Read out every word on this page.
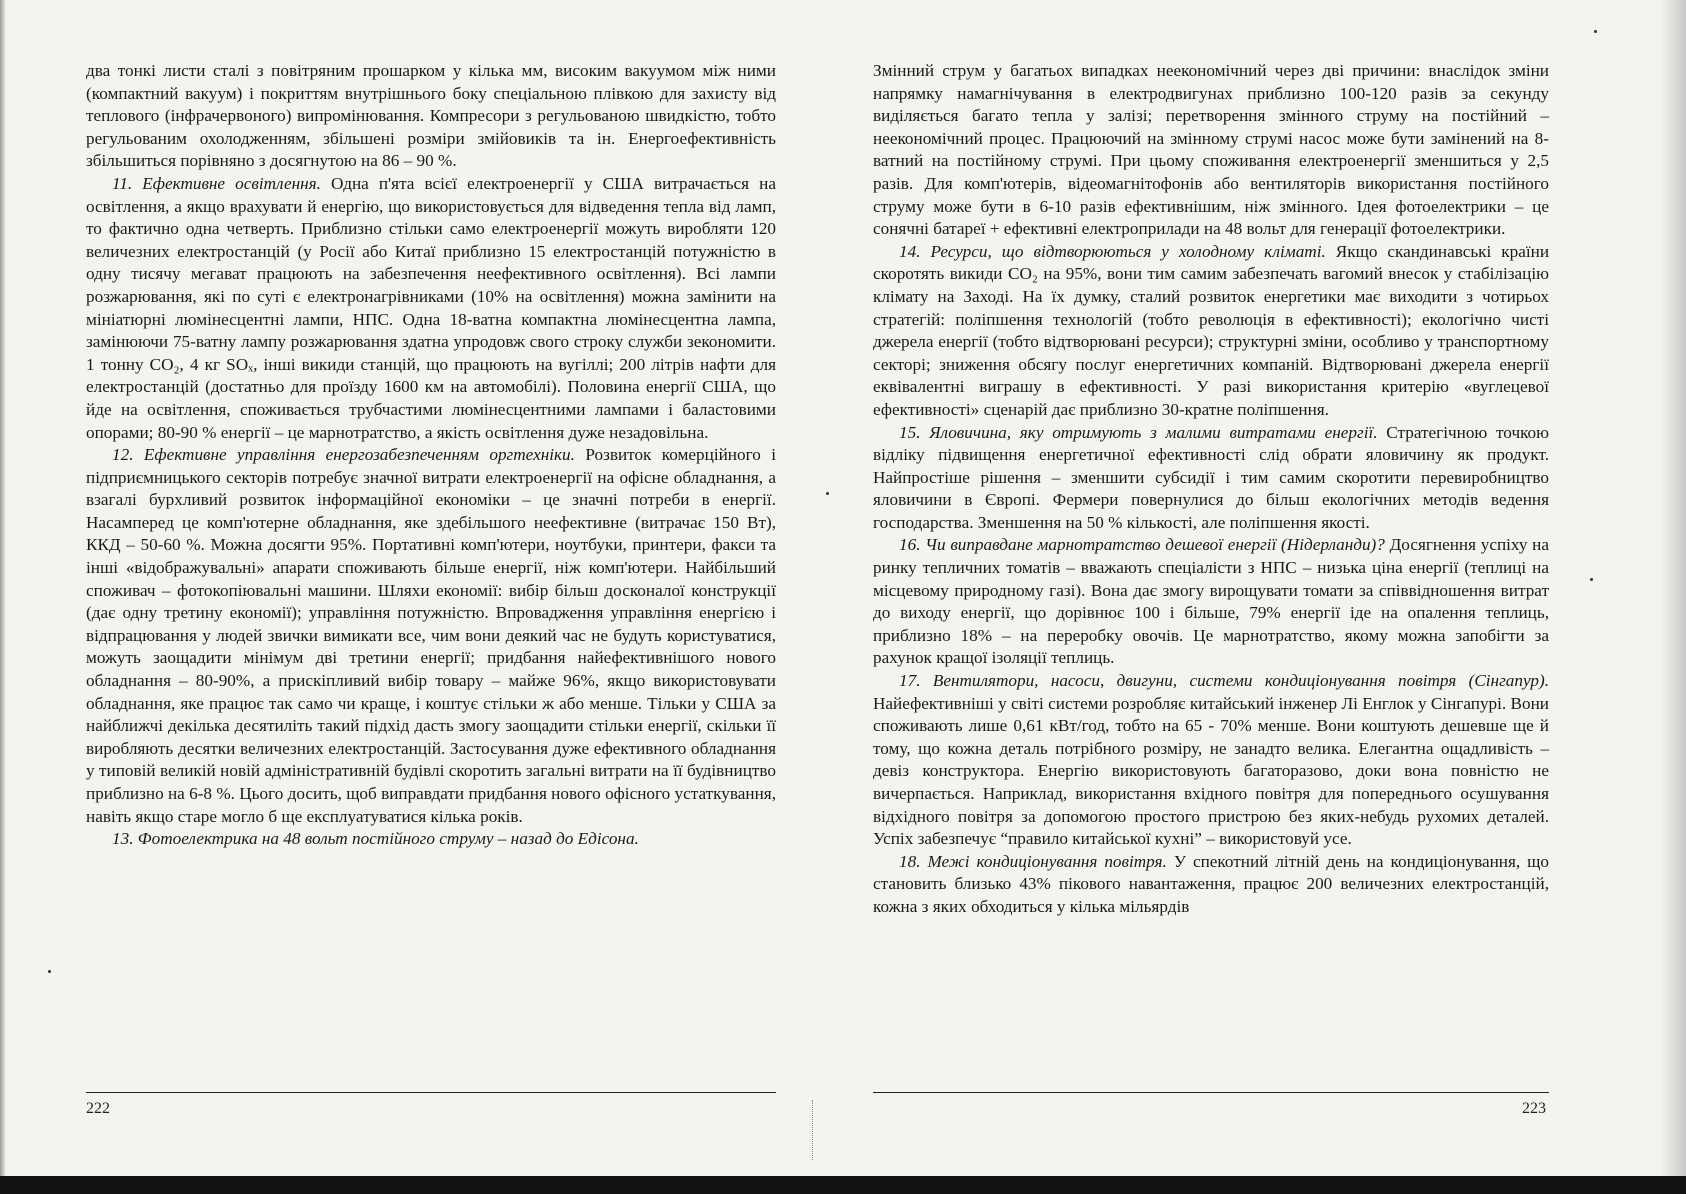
два тонкі листи сталі з повітряним прошарком у кілька мм, високим вакуумом між ними (компактний вакуум) і покриттям внутрішнього боку спеціальною плівкою для захисту від теплового (інфрачервоного) випромінювання. Компресори з регульованою швидкістю, тобто регульованим охолодженням, збільшені розміри змійовиків та ін. Енергоефективність збільшиться порівняно з досягнутою на 86 – 90 %.

11. Ефективне освітлення. Одна п'ята всієї електроенергії у США витрачається на освітлення, а якщо врахувати й енергію, що використовується для відведення тепла від ламп, то фактично одна четверть. Приблизно стільки само електроенергії можуть виробляти 120 величезних електростанцій (у Росії або Китаї приблизно 15 електростанцій потужністю в одну тисячу мегават працюють на забезпечення неефективного освітлення). Всі лампи розжарювання, які по суті є електронагрівниками (10% на освітлення) можна замінити на мініатюрні люмінесцентні лампи, НПС. Одна 18-ватна компактна люмінесцентна лампа, замінюючи 75-ватну лампу розжарювання здатна упродовж свого строку служби зекономити. 1 тонну CO₂, 4 кг SOₓ, інші викиди станцій, що працюють на вугіллі; 200 літрів нафти для електростанцій (достатньо для проїзду 1600 км на автомобілі). Половина енергії США, що йде на освітлення, споживається трубчастими люмінесцентними лампами і баластовими опорами; 80-90 % енергії – це марнотратство, а якість освітлення дуже незадовільна.

12. Ефективне управління енергозабезпеченням оргтехніки. Розвиток комерційного і підприємницького секторів потребує значної витрати електроенергії на офісне обладнання, а взагалі бурхливий розвиток інформаційної економіки – це значні потреби в енергії. Насамперед це комп'ютерне обладнання, яке здебільшого неефективне (витрачає 150 Вт), ККД – 50-60 %. Можна досягти 95%. Портативні комп'ютери, ноутбуки, принтери, факси та інші «відображувальні» апарати споживають більше енергії, ніж комп'ютери. Найбільший споживач – фотокопіювальні машини. Шляхи економії: вибір більш досконалої конструкції (дає одну третину економії); управління потужністю. Впровадження управління енергією і відпрацювання у людей звички вимикати все, чим вони деякий час не будуть користуватися, можуть заощадити мінімум дві третини енергії; придбання найефективнішого нового обладнання – 80-90%, а прискіпливий вибір товару – майже 96%, якщо використовувати обладнання, яке працює так само чи краще, і коштує стільки ж або менше. Тільки у США за найближчі декілька десятиліть такий підхід дасть змогу заощадити стільки енергії, скільки її виробляють десятки величезних електростанцій. Застосування дуже ефективного обладнання у типовій великій новій адміністративній будівлі скоротить загальні витрати на її будівництво приблизно на 6-8 %. Цього досить, щоб виправдати придбання нового офісного устаткування, навіть якщо старе могло б ще експлуатуватися кілька років.

13. Фотоелектрика на 48 вольт постійного струму – назад до Едісона.

222

Змінний струм у багатьох випадках неекономічний через дві причини: внаслідок зміни напрямку намагнічування в електродвигунах приблизно 100-120 разів за секунду виділяється багато тепла у залізі; перетворення змінного струму на постійний – неекономічний процес. Працюючий на змінному струмі насос може бути замінений на 8-ватний на постійному струмі. При цьому споживання електроенергії зменшиться у 2,5 разів. Для комп'ютерів, відеомагнітофонів або вентиляторів використання постійного струму може бути в 6-10 разів ефективнішим, ніж змінного. Ідея фотоелектрики – це сонячні батареї + ефективні електроприлади на 48 вольт для генерації фотоелектрики.

14. Ресурси, що відтворюються у холодному кліматі. Якщо скандинавські країни скоротять викиди CO₂ на 95%, вони тим самим забезпечать вагомий внесок у стабілізацію клімату на Заході. На їх думку, сталий розвиток енергетики має виходити з чотирьох стратегій: поліпшення технологій (тобто революція в ефективності); екологічно чисті джерела енергії (тобто відтворювані ресурси); структурні зміни, особливо у транспортному секторі; зниження обсягу послуг енергетичних компаній. Відтворювані джерела енергії еквівалентні виграшу в ефективності. У разі використання критерію «вуглецевої ефективності» сценарій дає приблизно 30-кратне поліпшення.

15. Яловичина, яку отримують з малими витратами енергії. Стратегічною точкою відліку підвищення енергетичної ефективності слід обрати яловичину як продукт. Найпростіше рішення – зменшити субсидії і тим самим скоротити перевиробництво яловичини в Європі. Фермери повернулися до більш екологічних методів ведення господарства. Зменшення на 50 % кількості, але поліпшення якості.

16. Чи виправдане марнотратство дешевої енергії (Нідерланди)? Досягнення успіху на ринку тепличних томатів – вважають спеціалісти з НПС – низька ціна енергії (теплиці на місцевому природному газі). Вона дає змогу вирощувати томати за співвідношення витрат до виходу енергії, що дорівнює 100 і більше, 79% енергії іде на опалення теплиць, приблизно 18% – на переробку овочів. Це марнотратство, якому можна запобігти за рахунок кращої ізоляції теплиць.

17. Вентилятори, насоси, двигуни, системи кондиціонування повітря (Сінгапур). Найефективніші у світі системи розробляє китайський інженер Лі Енглок у Сінгапурі. Вони споживають лише 0,61 кВт/год, тобто на 65 - 70% менше. Вони коштують дешевше ще й тому, що кожна деталь потрібного розміру, не занадто велика. Елегантна ощадливість – девіз конструктора. Енергію використовують багаторазово, доки вона повністю не вичерпається. Наприклад, використання вхідного повітря для попереднього осушування відхідного повітря за допомогою простого пристрою без яких-небудь рухомих деталей. Успіх забезпечує “правило китайської кухні” – використовуй усе.

18. Межі кондиціонування повітря. У спекотний літній день на кондиціонування, що становить близько 43% пікового навантаження, працює 200 величезних електростанцій, кожна з яких обходиться у кілька мільярдів

223
